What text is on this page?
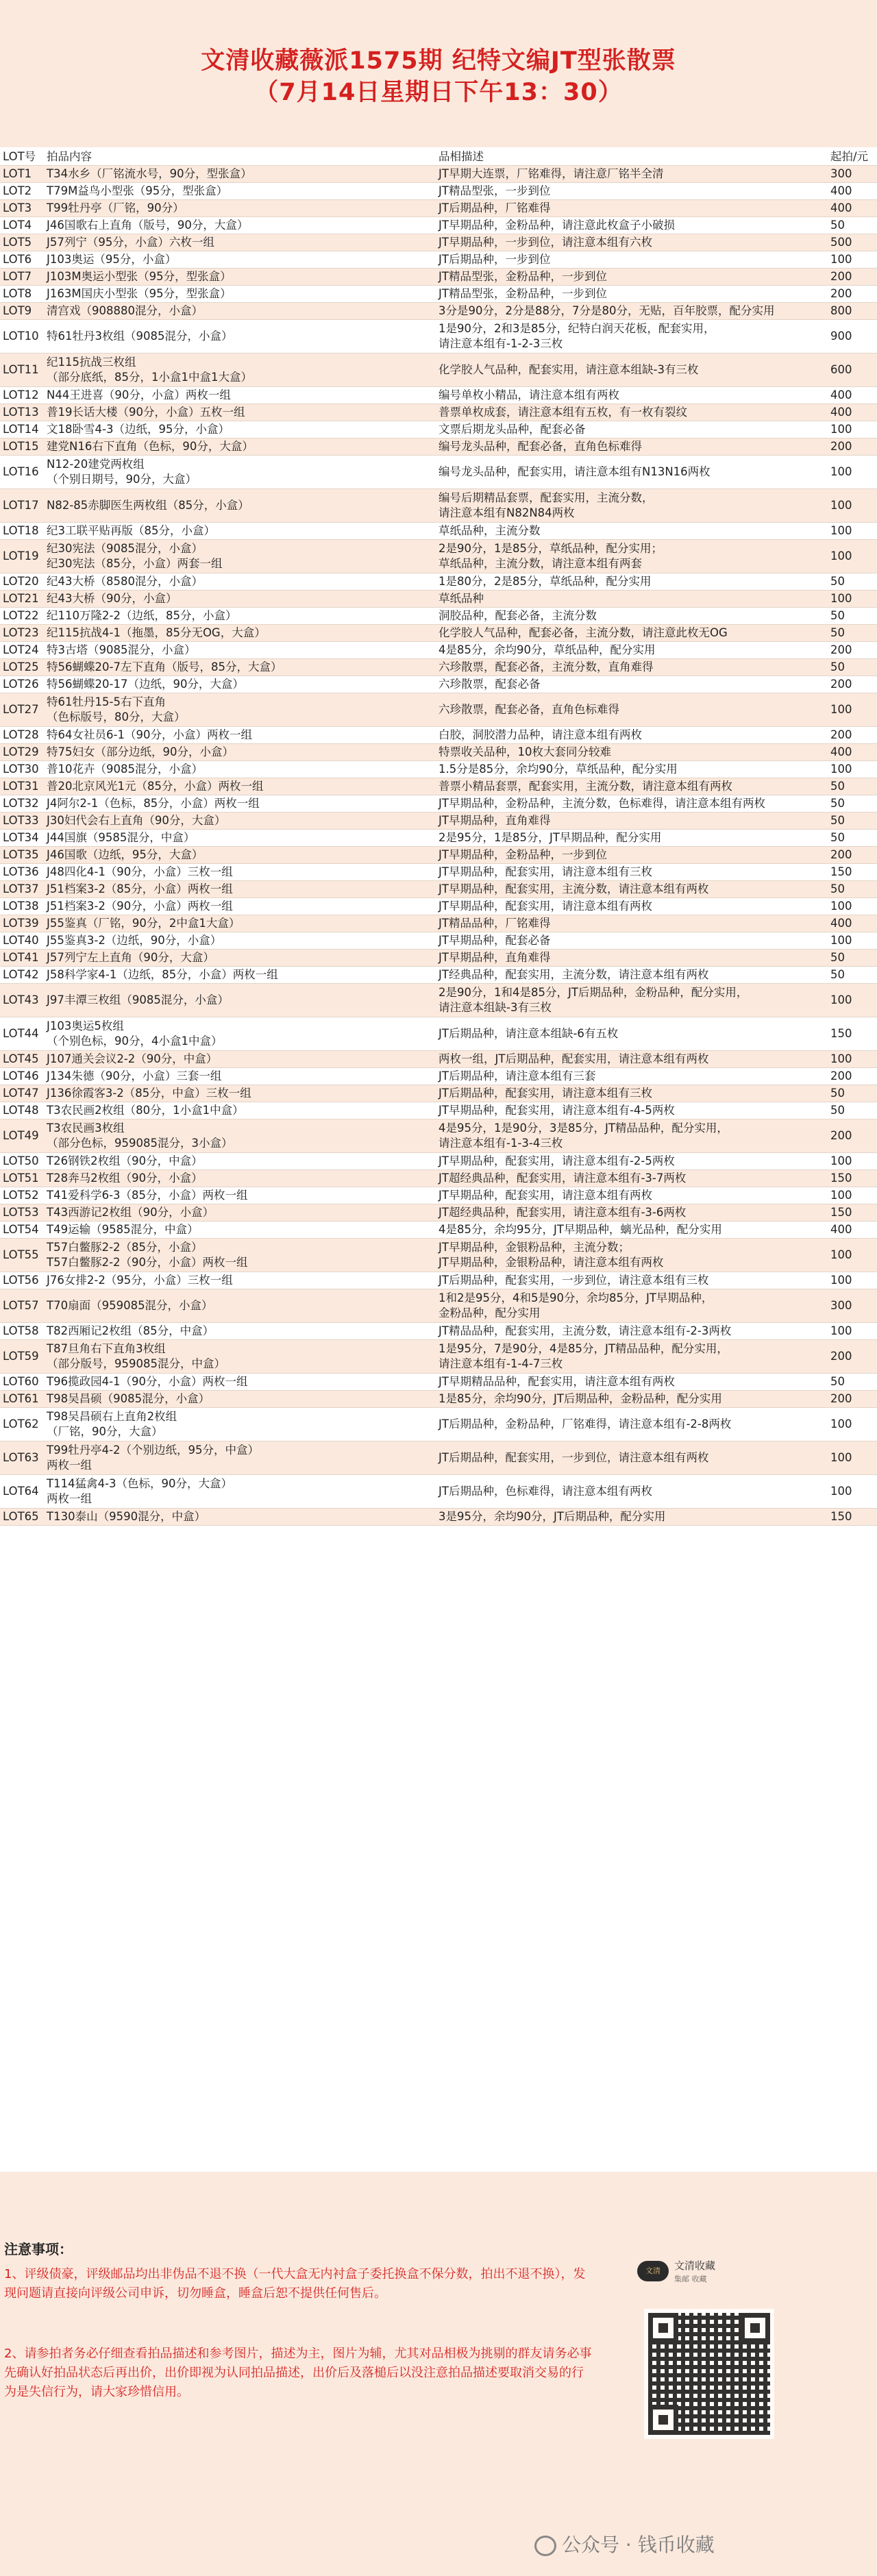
文清收藏薇派1575期 纪特文编JT型张散票
（7月14日星期日下午13：30）
LOT号	拍品内容	品相描述	起拍/元
LOT1	T34水乡（厂铭流水号，90分，型张盒）	JT早期大连票，厂铭难得，请注意厂铭半全清	300
LOT2	T79M益鸟小型张（95分，型张盒）	JT精品型张，一步到位	400
LOT3	T99牡丹亭（厂铭，90分）	JT后期品种，厂铭难得	400
LOT4	J46国歌右上直角（版号，90分，大盒）	JT早期品种，金粉品种，请注意此枚盒子小破损	50
LOT5	J57列宁（95分，小盒）六枚一组	JT早期品种，一步到位，请注意本组有六枚	500
LOT6	J103奥运（95分，小盒）	JT后期品种，一步到位	100
LOT7	J103M奥运小型张（95分，型张盒）	JT精品型张，金粉品种，一步到位	200
LOT8	J163M国庆小型张（95分，型张盒）	JT精品型张，金粉品种，一步到位	200
LOT9	清宫戏（908880混分，小盒）	3分是90分，2分是88分，7分是80分，无贴，百年胶票，配分实用	800
LOT10	特61牡丹3枚组（9085混分，小盒）	1是90分，2和3是85分，纪特白润天花板，配套实用，
请注意本组有-1-2-3三枚	900
LOT11	纪115抗战三枚组
（部分底纸，85分，1小盒1中盒1大盒）	化学胶人气品种，配套实用，请注意本组缺-3有三枚	600
LOT12	N44王进喜（90分，小盒）两枚一组	编号单枚小精品，请注意本组有两枚	400
LOT13	普19长话大楼（90分，小盒）五枚一组	普票单枚成套，请注意本组有五枚，有一枚有裂纹	400
LOT14	文18卧雪4-3（边纸，95分，小盒）	文票后期龙头品种，配套必备	100
LOT15	建党N16右下直角（色标，90分，大盒）	编号龙头品种，配套必备，直角色标难得	200
LOT16	N12-20建党两枚组
（个别日期号，90分，大盒）	编号龙头品种，配套实用，请注意本组有N13N16两枚	100
LOT17	N82-85赤脚医生两枚组（85分，小盒）	编号后期精品套票，配套实用，主流分数，
请注意本组有N82N84两枚	100
LOT18	纪3工联平贴再版（85分，小盒）	草纸品种，主流分数	100
LOT19	纪30宪法（9085混分，小盒）
纪30宪法（85分，小盒）两套一组	2是90分，1是85分，草纸品种，配分实用；
草纸品种，主流分数，请注意本组有两套	100
LOT20	纪43大桥（8580混分，小盒）	1是80分，2是85分，草纸品种，配分实用	50
LOT21	纪43大桥（90分，小盒）	草纸品种	100
LOT22	纪110万隆2-2（边纸，85分，小盒）	洞胶品种，配套必备，主流分数	50
LOT23	纪115抗战4-1（拖墨，85分无OG，大盒）	化学胶人气品种，配套必备，主流分数，请注意此枚无OG	50
LOT24	特3古塔（9085混分，小盒）	4是85分，余均90分，草纸品种，配分实用	200
LOT25	特56蝴蝶20-7左下直角（版号，85分，大盒）	六珍散票，配套必备，主流分数，直角难得	50
LOT26	特56蝴蝶20-17（边纸，90分，大盒）	六珍散票，配套必备	200
LOT27	特61牡丹15-5右下直角
（色标版号，80分，大盒）	六珍散票，配套必备，直角色标难得	100
LOT28	特64女社员6-1（90分，小盒）两枚一组	白胶，洞胶潜力品种，请注意本组有两枚	200
LOT29	特75妇女（部分边纸，90分，小盒）	特票收关品种，10枚大套同分较难	400
LOT30	普10花卉（9085混分，小盒）	1.5分是85分，余均90分，草纸品种，配分实用	100
LOT31	普20北京风光1元（85分，小盒）两枚一组	普票小精品套票，配套实用，主流分数，请注意本组有两枚	50
LOT32	J4阿尔2-1（色标，85分，小盒）两枚一组	JT早期品种，金粉品种，主流分数，色标难得，请注意本组有两枚	50
LOT33	J30妇代会右上直角（90分，大盒）	JT早期品种，直角难得	50
LOT34	J44国旗（9585混分，中盒）	2是95分，1是85分，JT早期品种，配分实用	50
LOT35	J46国歌（边纸，95分，大盒）	JT早期品种，金粉品种，一步到位	200
LOT36	J48四化4-1（90分，小盒）三枚一组	JT早期品种，配套实用，请注意本组有三枚	150
LOT37	J51档案3-2（85分，小盒）两枚一组	JT早期品种，配套实用，主流分数，请注意本组有两枚	50
LOT38	J51档案3-2（90分，小盒）两枚一组	JT早期品种，配套实用，请注意本组有两枚	100
LOT39	J55鉴真（厂铭，90分，2中盒1大盒）	JT精品品种，厂铭难得	400
LOT40	J55鉴真3-2（边纸，90分，小盒）	JT早期品种，配套必备	100
LOT41	J57列宁左上直角（90分，大盒）	JT早期品种，直角难得	50
LOT42	J58科学家4-1（边纸，85分，小盒）两枚一组	JT经典品种，配套实用，主流分数，请注意本组有两枚	50
LOT43	J97丰潭三枚组（9085混分，小盒）	2是90分，1和4是85分，JT后期品种，金粉品种，配分实用，
请注意本组缺-3有三枚	100
LOT44	J103奥运5枚组
（个别色标，90分，4小盒1中盒）	JT后期品种，请注意本组缺-6有五枚	150
LOT45	J107通关会议2-2（90分，中盒）	两枚一组，JT后期品种，配套实用，请注意本组有两枚	100
LOT46	J134朱德（90分，小盒）三套一组	JT后期品种，请注意本组有三套	200
LOT47	J136徐霞客3-2（85分，中盒）三枚一组	JT后期品种，配套实用，请注意本组有三枚	50
LOT48	T3农民画2枚组（80分，1小盒1中盒）	JT早期品种，配套实用，请注意本组有-4-5两枚	50
LOT49	T3农民画3枚组
（部分色标，959085混分，3小盒）	4是95分，1是90分，3是85分，JT精品品种，配分实用，
请注意本组有-1-3-4三枚	200
LOT50	T26钢铁2枚组（90分，中盒）	JT早期品种，配套实用，请注意本组有-2-5两枚	100
LOT51	T28奔马2枚组（90分，小盒）	JT超经典品种，配套实用，请注意本组有-3-7两枚	150
LOT52	T41爱科学6-3（85分，小盒）两枚一组	JT早期品种，配套实用，请注意本组有两枚	100
LOT53	T43西游记2枚组（90分，小盒）	JT超经典品种，配套实用，请注意本组有-3-6两枚	150
LOT54	T49运输（9585混分，中盒）	4是85分，余均95分，JT早期品种，螭光品种，配分实用	400
LOT55	T57白鳖豚2-2（85分，小盒）
T57白鳖豚2-2（90分，小盒）两枚一组	JT早期品种，金银粉品种，主流分数；
JT早期品种，金银粉品种，请注意本组有两枚	100
LOT56	J76女排2-2（95分，小盒）三枚一组	JT后期品种，配套实用，一步到位，请注意本组有三枚	100
LOT57	T70扇面（959085混分，小盒）	1和2是95分，4和5是90分，余均85分，JT早期品种，
金粉品种，配分实用	300
LOT58	T82西厢记2枚组（85分，中盒）	JT精品品种，配套实用，主流分数，请注意本组有-2-3两枚	100
LOT59	T87旦角右下直角3枚组
（部分版号，959085混分，中盒）	1是95分，7是90分，4是85分，JT精品品种，配分实用，
请注意本组有-1-4-7三枚	200
LOT60	T96揽政园4-1（90分，小盒）两枚一组	JT早期精品品种，配套实用，请注意本组有两枚	50
LOT61	T98吴昌硕（9085混分，小盒）	1是85分，余均90分，JT后期品种，金粉品种，配分实用	200
LOT62	T98吴昌硕右上直角2枚组
（厂铭，90分，大盒）	JT后期品种，金粉品种，厂铭难得，请注意本组有-2-8两枚	100
LOT63	T99牡丹亭4-2（个别边纸，95分，中盒）
两枚一组	JT后期品种，配套实用，一步到位，请注意本组有两枚	100
LOT64	T114猛禽4-3（色标，90分，大盒）
两枚一组	JT后期品种，色标难得，请注意本组有两枚	100
LOT65	T130泰山（9590混分，中盒）	3是95分，余均90分，JT后期品种，配分实用	150
注意事项：
1、评级债豪，评级邮品均出非伪品不退不换（一代大盒无内衬盒子委托换盒不保分数，拍出不退不换），发现问题请直接向评级公司申诉，切勿睡盒，睡盒后恕不提供任何售后。
2、请参拍者务必仔细查看拍品描述和参考图片，描述为主，图片为辅，尤其对品相极为挑剔的群友请务必事先确认好拍品状态后再出价，出价即视为认同拍品描述，出价后及落槌后以没注意拍品描述要取消交易的行为是失信行为，请大家珍惜信用。
文清	文清收藏
集邮 收藏
公众号 · 钱币收藏
